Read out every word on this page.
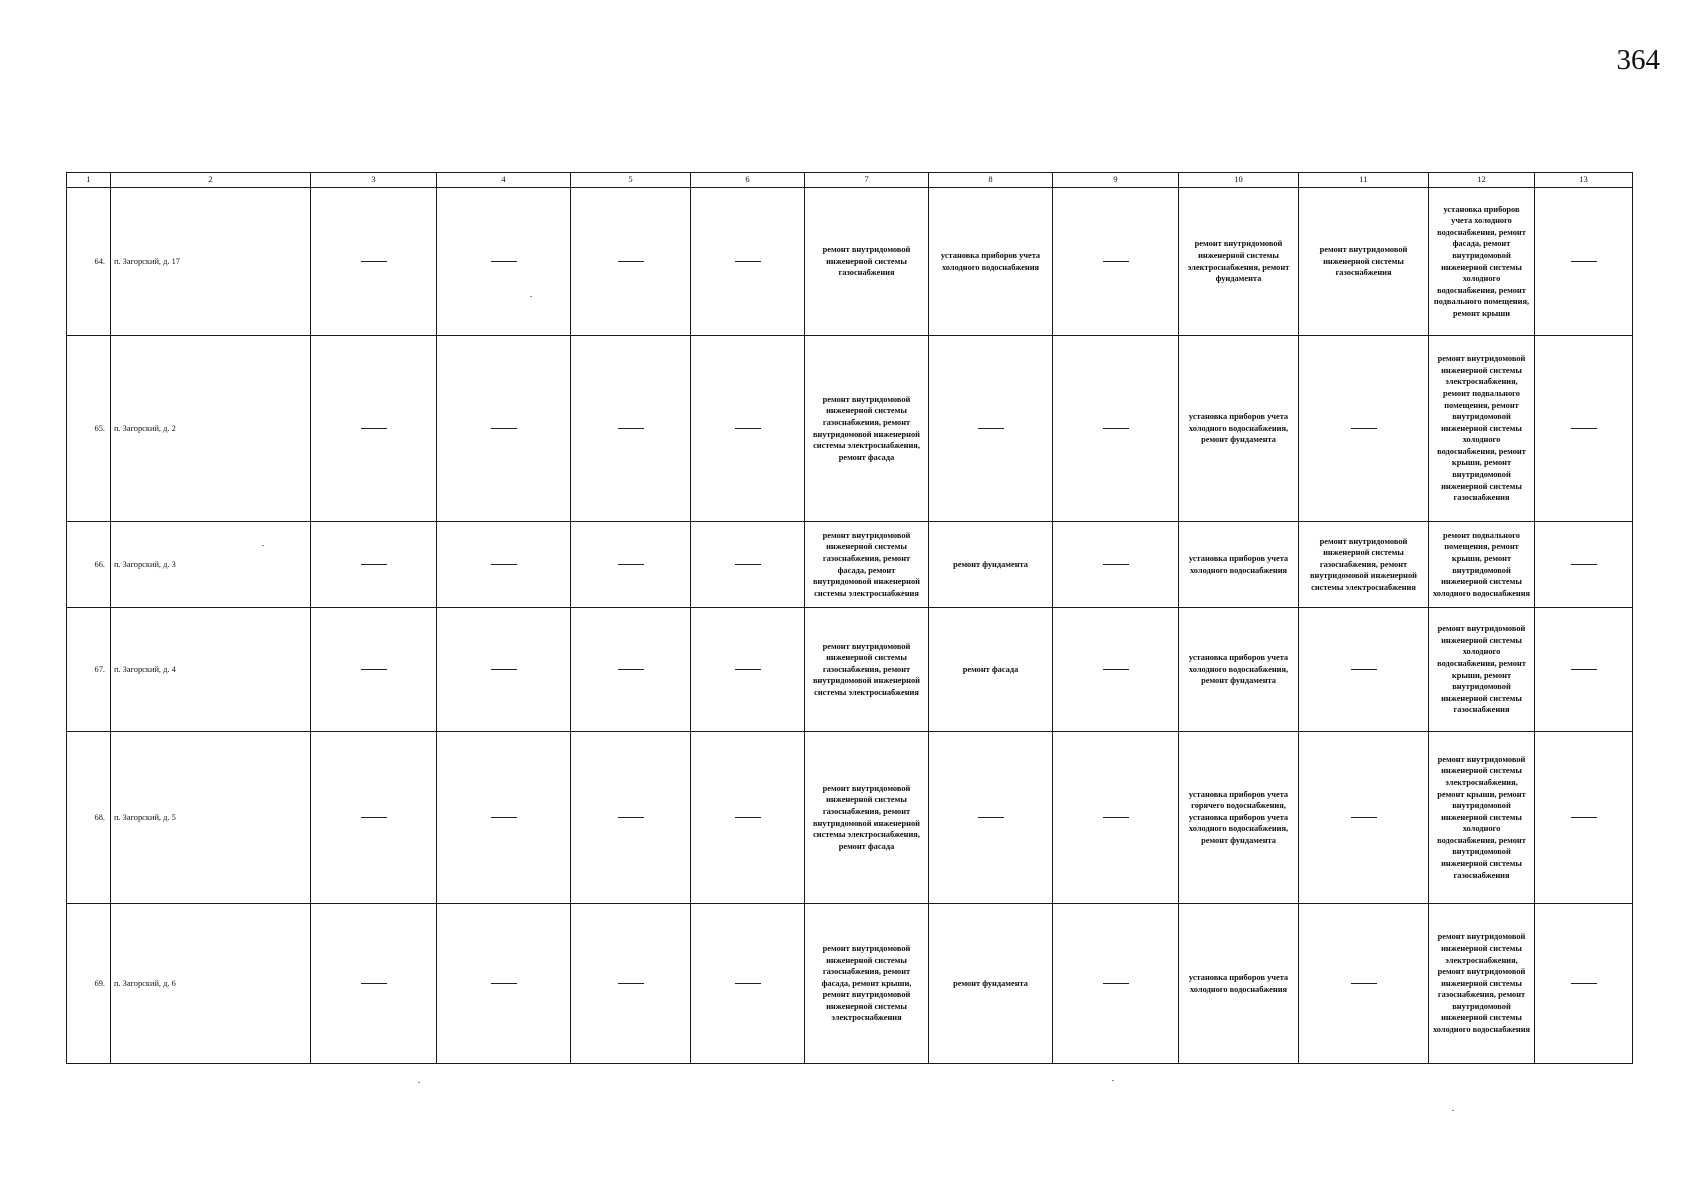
364
1	2	3	4	5	6	7	8	9	10	11	12	13
64.	п. Загорский, д. 17					ремонт внутридомовой инженерной системы газоснабжения	установка приборов учета холодного водоснабжения		ремонт внутридомовой инженерной системы электроснабжения, ремонт фундамента	ремонт внутридомовой инженерной системы газоснабжения	установка приборов учета холодного водоснабжения, ремонт фасада, ремонт внутридомовой инженерной системы холодного водоснабжения, ремонт подвального помещения, ремонт крыши	
65.	п. Загорский, д. 2					ремонт внутридомовой инженерной системы газоснабжения, ремонт внутридомовой инженерной системы электроснабжения, ремонт фасада			установка приборов учета холодного водоснабжения, ремонт фундамента		ремонт внутридомовой инженерной системы электроснабжения, ремонт подвального помещения, ремонт внутридомовой инженерной системы холодного водоснабжения, ремонт крыши, ремонт внутридомовой инженерной системы газоснабжения	
66.	п. Загорский, д. 3					ремонт внутридомовой инженерной системы газоснабжения, ремонт фасада, ремонт внутридомовой инженерной системы электроснабжения	ремонт фундамента		установка приборов учета холодного водоснабжения	ремонт внутридомовой инженерной системы газоснабжения, ремонт внутридомовой инженерной системы электроснабжения	ремонт подвального помещения, ремонт крыши, ремонт внутридомовой инженерной системы холодного водоснабжения	
67.	п. Загорский, д. 4					ремонт внутридомовой инженерной системы газоснабжения, ремонт внутридомовой инженерной системы электроснабжения	ремонт фасада		установка приборов учета холодного водоснабжения, ремонт фундамента		ремонт внутридомовой инженерной системы холодного водоснабжения, ремонт крыши, ремонт внутридомовой инженерной системы газоснабжения	
68.	п. Загорский, д. 5					ремонт внутридомовой инженерной системы газоснабжения, ремонт внутридомовой инженерной системы электроснабжения, ремонт фасада			установка приборов учета горячего водоснабжения, установка приборов учета холодного водоснабжения, ремонт фундамента		ремонт внутридомовой инженерной системы электроснабжения, ремонт крыши, ремонт внутридомовой инженерной системы холодного водоснабжения, ремонт внутридомовой инженерной системы газоснабжения	
69.	п. Загорский, д. 6					ремонт внутридомовой инженерной системы газоснабжения, ремонт фасада, ремонт крыши, ремонт внутридомовой инженерной системы электроснабжения	ремонт фундамента		установка приборов учета холодного водоснабжения		ремонт внутридомовой инженерной системы электроснабжения, ремонт внутридомовой инженерной системы газоснабжения, ремонт внутридомовой инженерной системы холодного водоснабжения	
